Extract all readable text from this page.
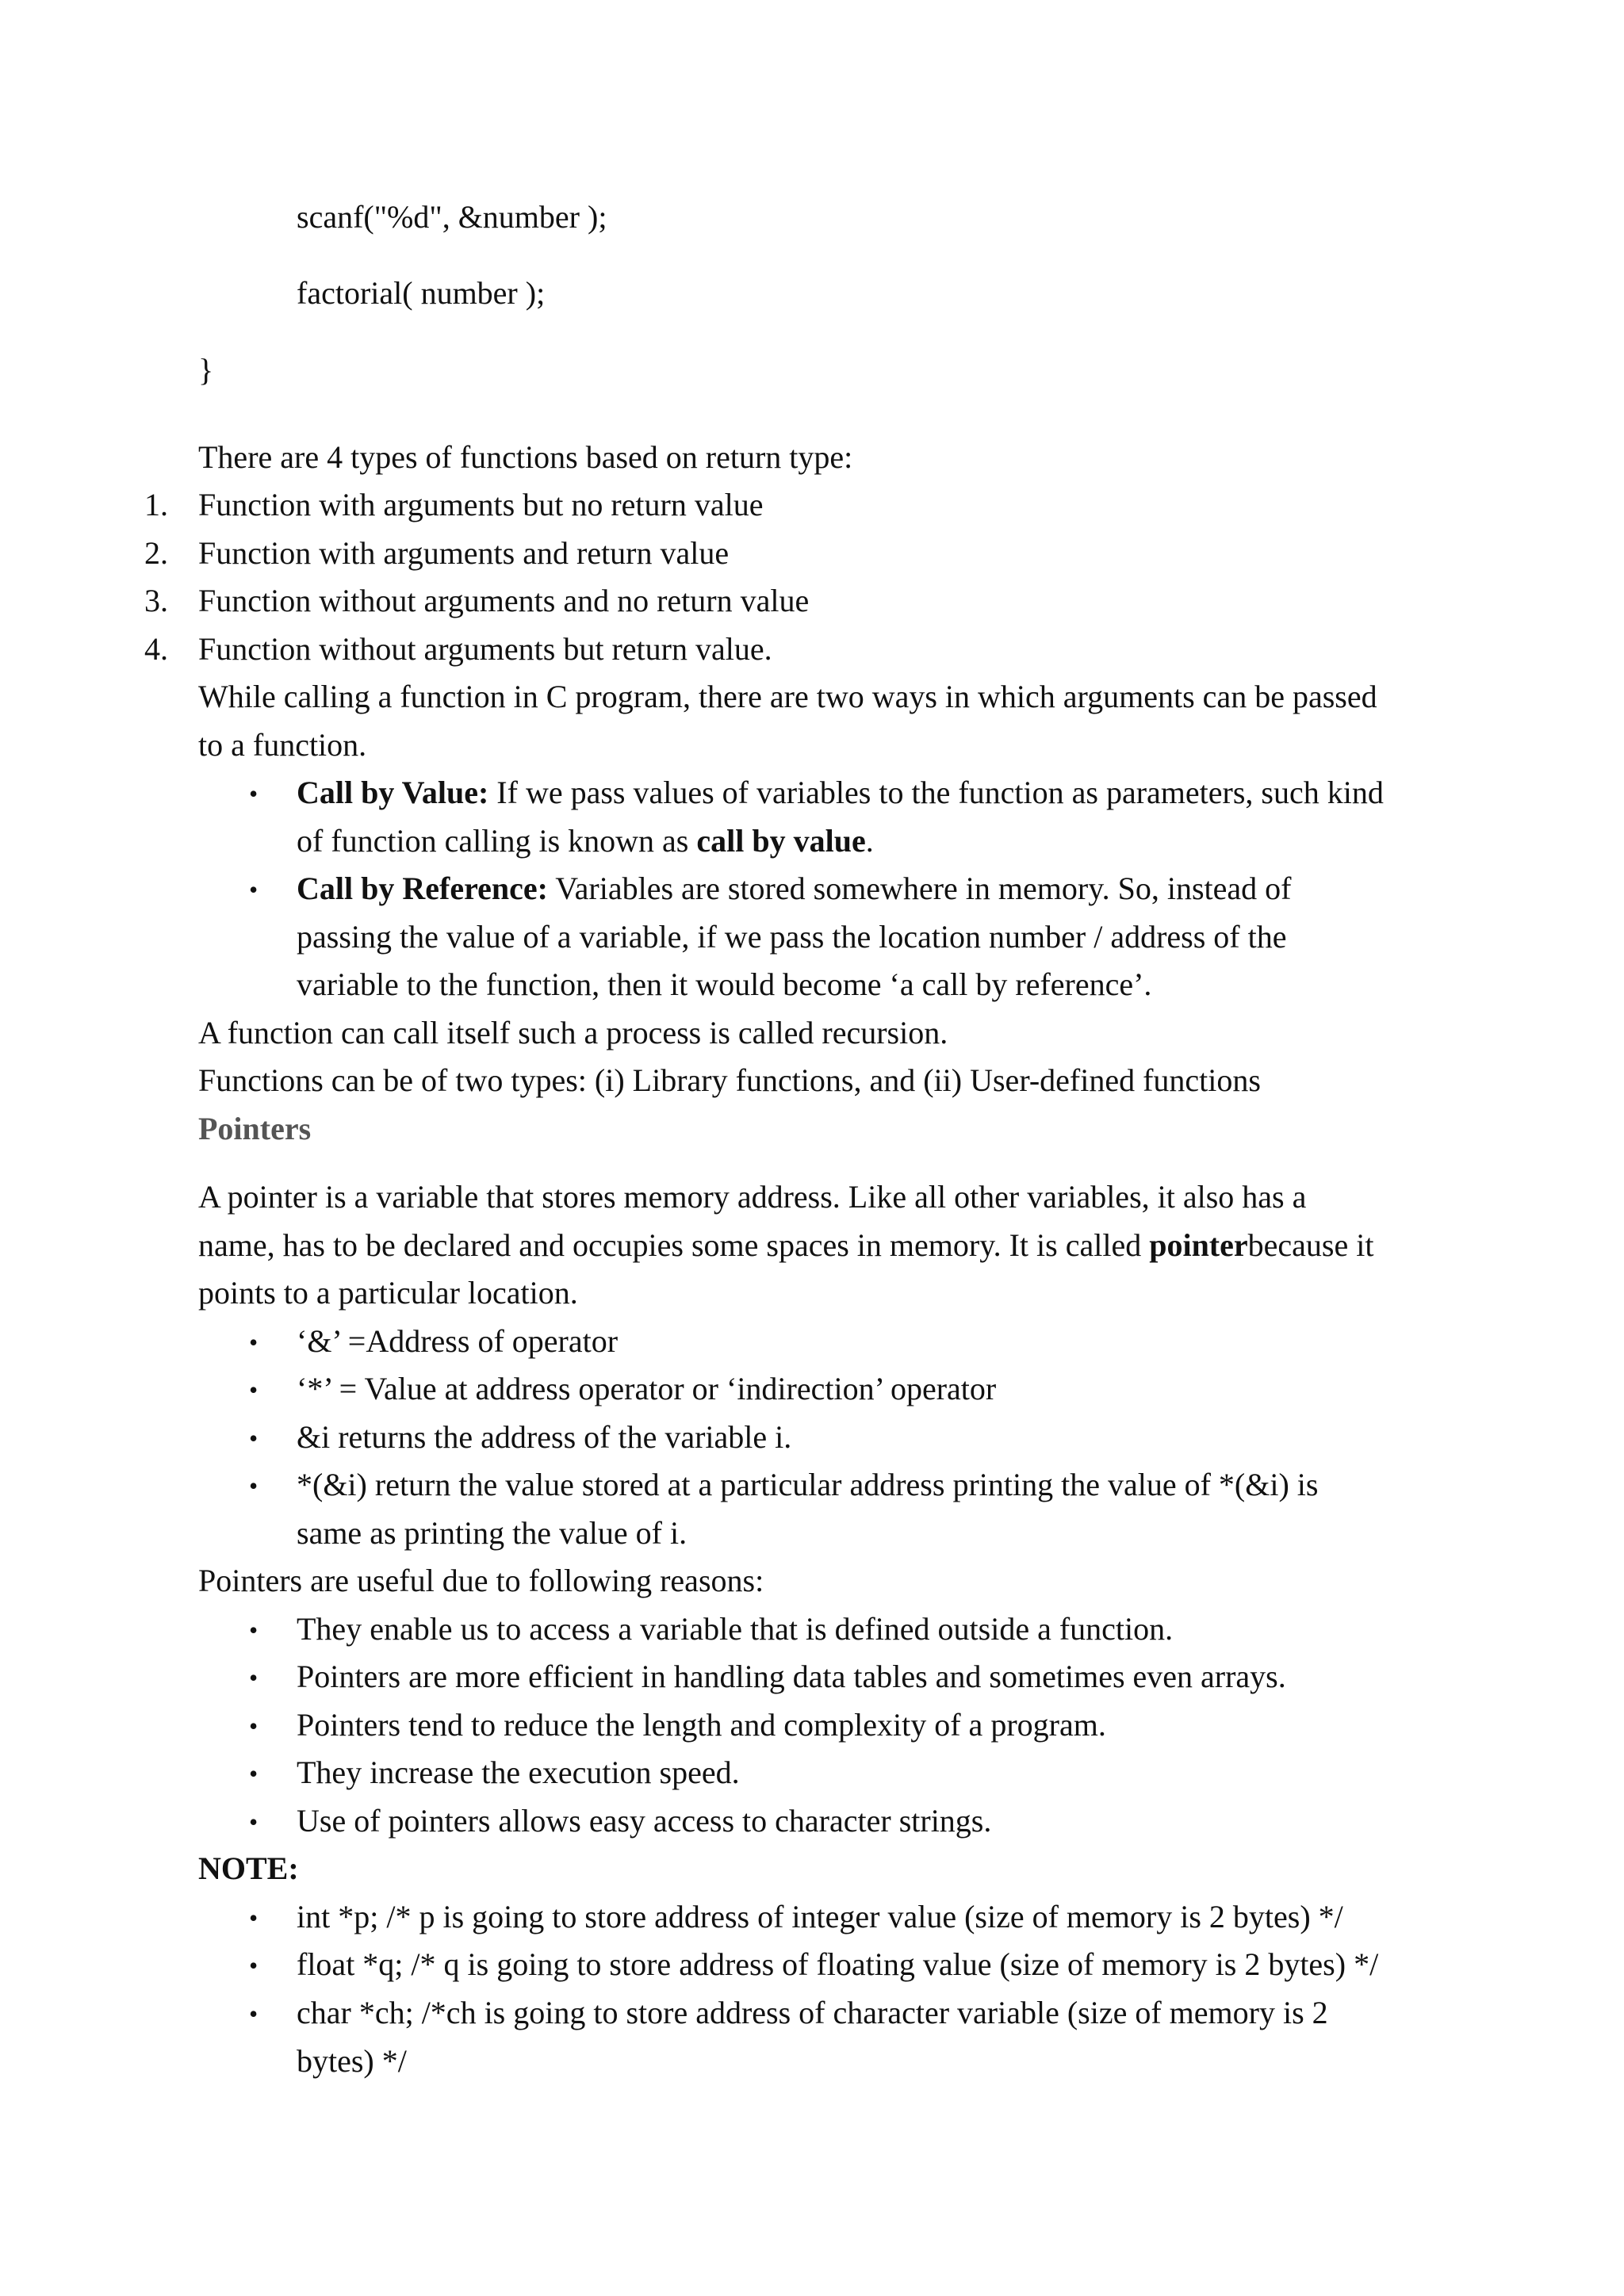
scanf("%d", &number );
factorial( number );
}
There are 4 types of functions based on return type:
1. Function with arguments but no return value
2. Function with arguments and return value
3. Function without arguments and no return value
4. Function without arguments but return value.
While calling a function in C program, there are two ways in which arguments can be passed
to a function.
• Call by Value: If we pass values of variables to the function as parameters, such kind
of function calling is known as call by value.
• Call by Reference: Variables are stored somewhere in memory. So, instead of
passing the value of a variable, if we pass the location number / address of the
variable to the function, then it would become ‘a call by reference’.
A function can call itself such a process is called recursion.
Functions can be of two types: (i) Library functions, and (ii) User-defined functions
Pointers
A pointer is a variable that stores memory address. Like all other variables, it also has a
name, has to be declared and occupies some spaces in memory. It is called pointerbecause it
points to a particular location.
• ‘&’ =Address of operator
• ‘*’ = Value at address operator or ‘indirection’ operator
• &i returns the address of the variable i.
• *(&i) return the value stored at a particular address printing the value of *(&i) is
same as printing the value of i.
Pointers are useful due to following reasons:
• They enable us to access a variable that is defined outside a function.
• Pointers are more efficient in handling data tables and sometimes even arrays.
• Pointers tend to reduce the length and complexity of a program.
• They increase the execution speed.
• Use of pointers allows easy access to character strings.
NOTE:
• int *p; /* p is going to store address of integer value (size of memory is 2 bytes) */
• float *q; /* q is going to store address of floating value (size of memory is 2 bytes) */
• char *ch; /*ch is going to store address of character variable (size of memory is 2
bytes) */
